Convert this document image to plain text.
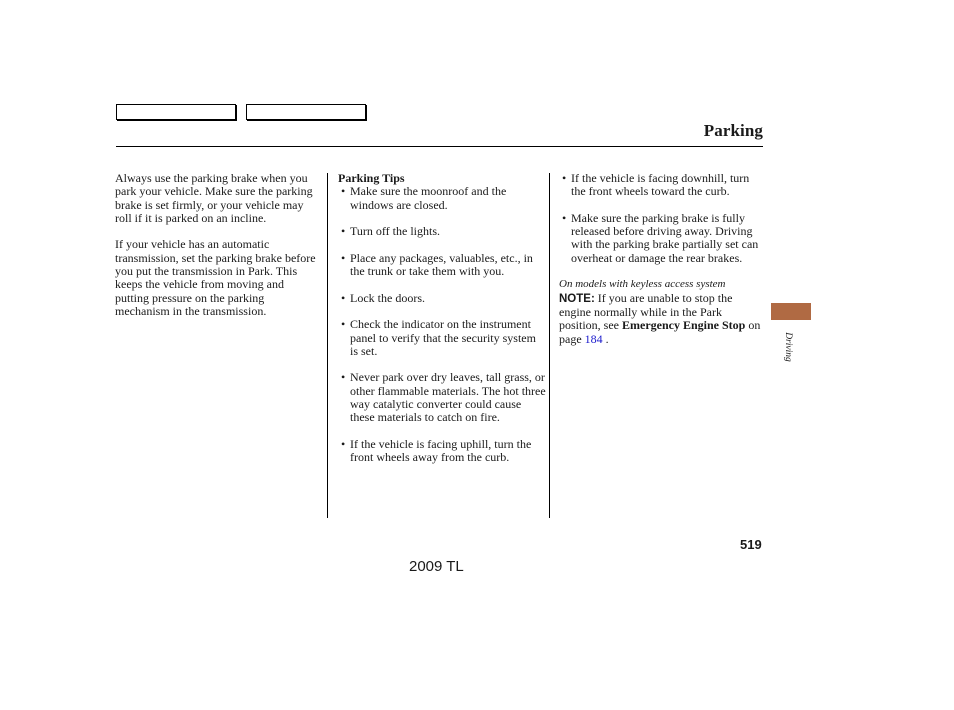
Parking

Always use the parking brake when you park your vehicle. Make sure the parking brake is set firmly, or your vehicle may roll if it is parked on an incline.

If your vehicle has an automatic transmission, set the parking brake before you put the transmission in Park. This keeps the vehicle from moving and putting pressure on the parking mechanism in the transmission.

Parking Tips

• Make sure the moonroof and the windows are closed.
• Turn off the lights.
• Place any packages, valuables, etc., in the trunk or take them with you.
• Lock the doors.
• Check the indicator on the instrument panel to verify that the security system is set.
• Never park over dry leaves, tall grass, or other flammable materials. The hot three way catalytic converter could cause these materials to catch on fire.
• If the vehicle is facing uphill, turn the front wheels away from the curb.
• If the vehicle is facing downhill, turn the front wheels toward the curb.
• Make sure the parking brake is fully released before driving away. Driving with the parking brake partially set can overheat or damage the rear brakes.

On models with keyless access system

NOTE: If you are unable to stop the engine normally while in the Park position, see Emergency Engine Stop on page 184 .	Driving
519
2009 TL
